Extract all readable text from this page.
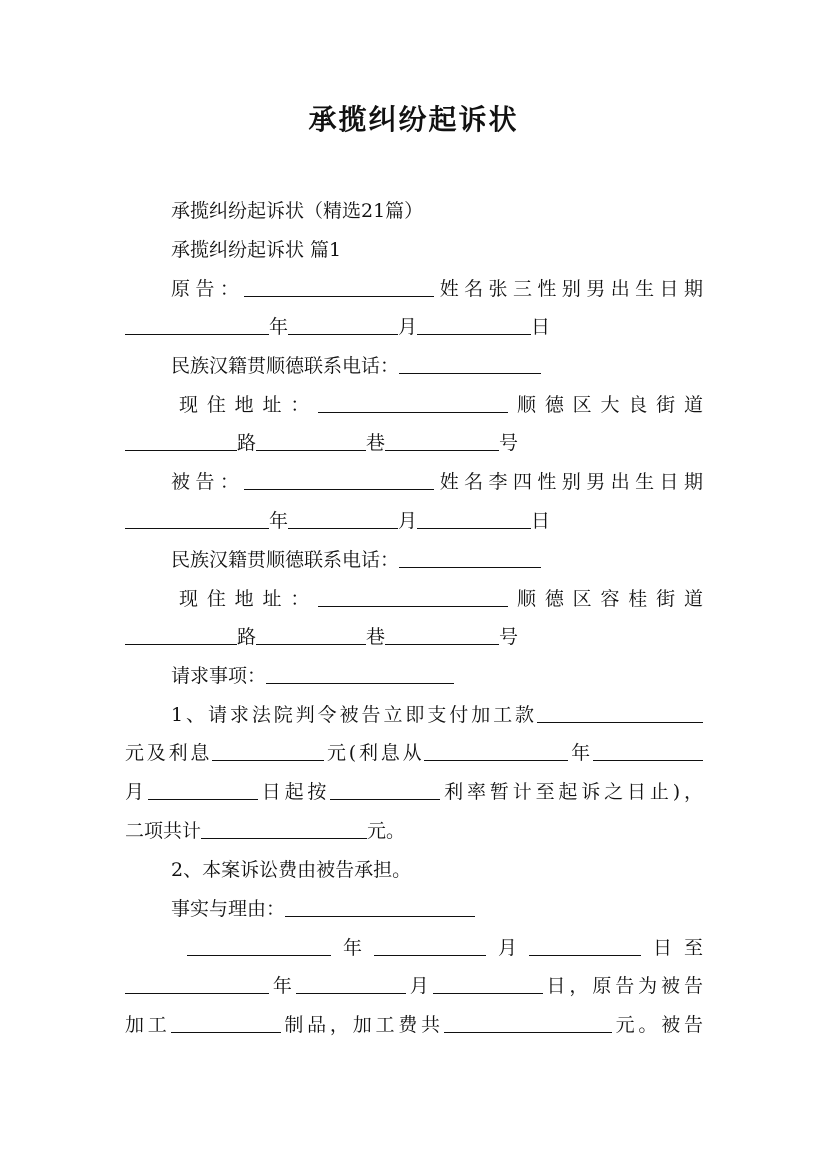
承揽纠纷起诉状
承揽纠纷起诉状（精选21篇）
承揽纠纷起诉状 篇1
原告：	姓名张三性别男出生日期
年	月	日
民族汉籍贯顺德联系电话：
现住地址：	顺德区大良街道
路	巷	号
被告：	姓名李四性别男出生日期
年	月	日
民族汉籍贯顺德联系电话：
现住地址：	顺德区容桂街道
路	巷	号
请求事项：
1、请求法院判令被告立即支付加工款
元及利息	元(利息从	年
月	日起按	利率暂计至起诉之日止)，
二项共计	元。
2、本案诉讼费由被告承担。
事实与理由：
年	月	日至
年	月	日，原告为被告
加工	制品，加工费共	元。被告
